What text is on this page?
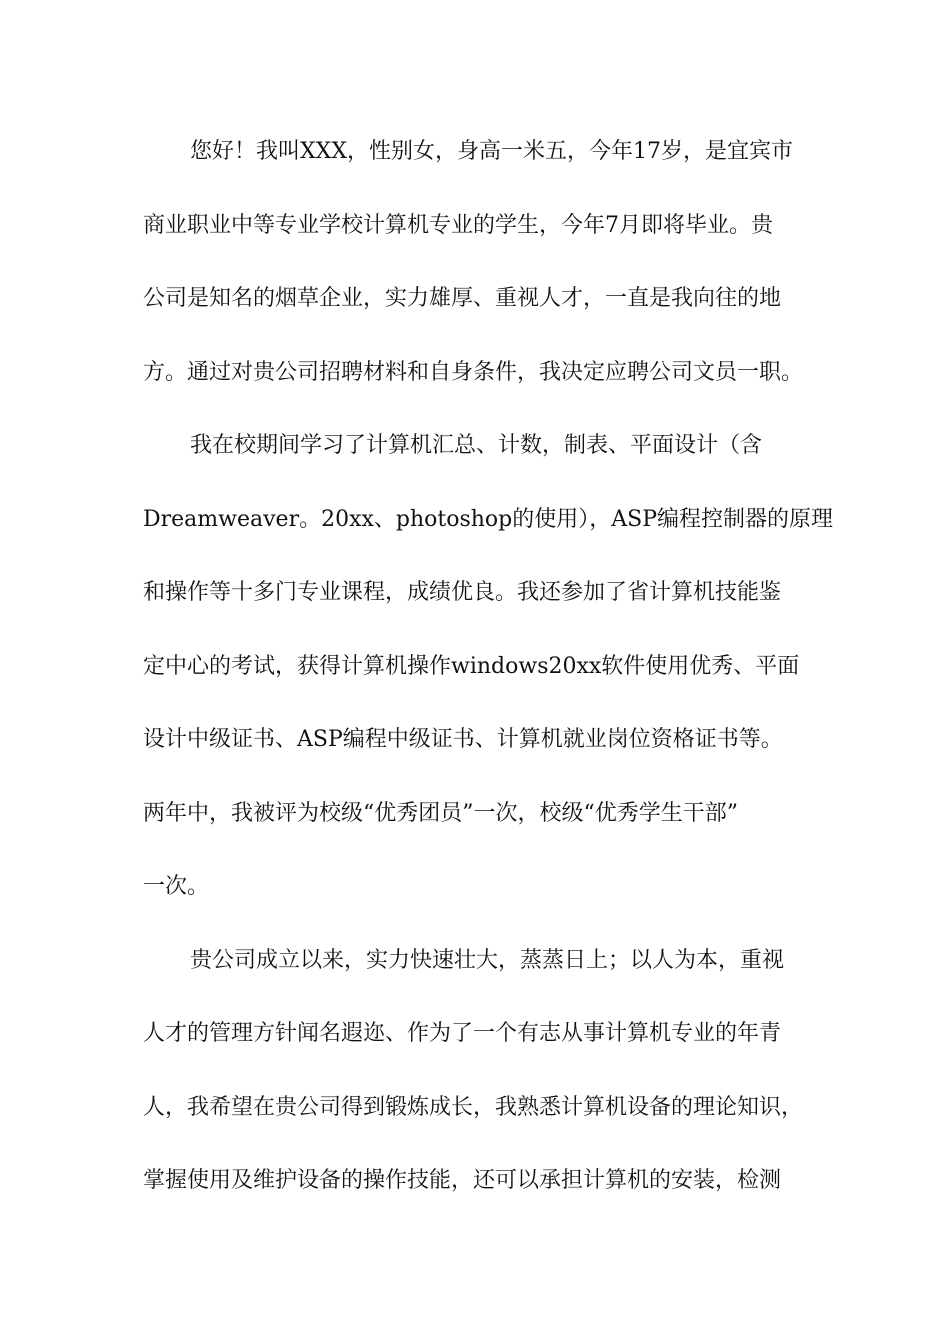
您好！我叫XXX，性别女，身高一米五，今年17岁，是宜宾市
商业职业中等专业学校计算机专业的学生，今年7月即将毕业。贵
公司是知名的烟草企业，实力雄厚、重视人才，一直是我向往的地
方。通过对贵公司招聘材料和自身条件，我决定应聘公司文员一职。
我在校期间学习了计算机汇总、计数，制表、平面设计（含
Dreamweaver。20xx、photoshop的使用），ASP编程控制器的原理
和操作等十多门专业课程，成绩优良。我还参加了省计算机技能鉴
定中心的考试，获得计算机操作windows20xx软件使用优秀、平面
设计中级证书、ASP编程中级证书、计算机就业岗位资格证书等。
两年中，我被评为校级“优秀团员”一次，校级“优秀学生干部”
一次。
贵公司成立以来，实力快速壮大，蒸蒸日上；以人为本，重视
人才的管理方针闻名遐迩、作为了一个有志从事计算机专业的年青
人，我希望在贵公司得到锻炼成长，我熟悉计算机设备的理论知识，
掌握使用及维护设备的操作技能，还可以承担计算机的安装，检测
